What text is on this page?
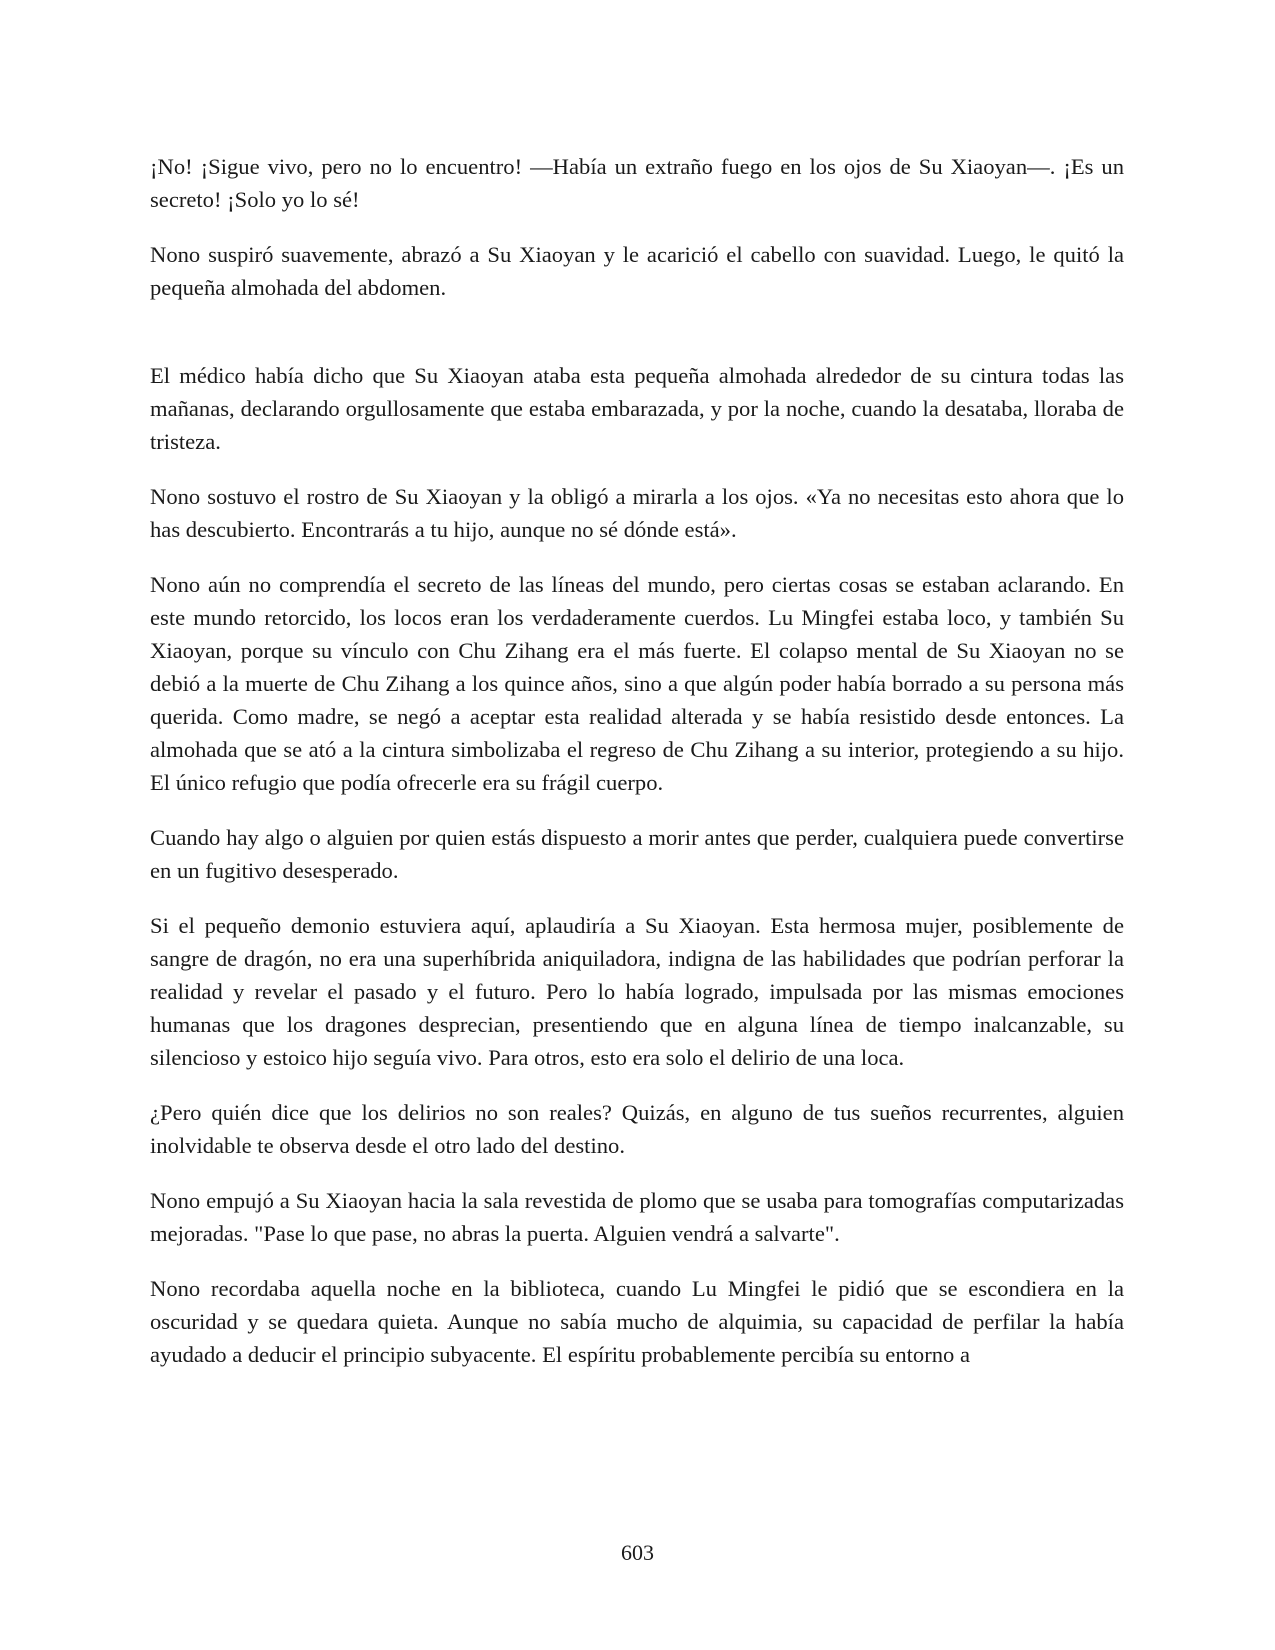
¡No! ¡Sigue vivo, pero no lo encuentro! —Había un extraño fuego en los ojos de Su Xiaoyan—. ¡Es un secreto! ¡Solo yo lo sé!

Nono suspiró suavemente, abrazó a Su Xiaoyan y le acarició el cabello con suavidad. Luego, le quitó la pequeña almohada del abdomen.

El médico había dicho que Su Xiaoyan ataba esta pequeña almohada alrededor de su cintura todas las mañanas, declarando orgullosamente que estaba embarazada, y por la noche, cuando la desataba, lloraba de tristeza.

Nono sostuvo el rostro de Su Xiaoyan y la obligó a mirarla a los ojos. «Ya no necesitas esto ahora que lo has descubierto. Encontrarás a tu hijo, aunque no sé dónde está».

Nono aún no comprendía el secreto de las líneas del mundo, pero ciertas cosas se estaban aclarando. En este mundo retorcido, los locos eran los verdaderamente cuerdos. Lu Mingfei estaba loco, y también Su Xiaoyan, porque su vínculo con Chu Zihang era el más fuerte. El colapso mental de Su Xiaoyan no se debió a la muerte de Chu Zihang a los quince años, sino a que algún poder había borrado a su persona más querida. Como madre, se negó a aceptar esta realidad alterada y se había resistido desde entonces. La almohada que se ató a la cintura simbolizaba el regreso de Chu Zihang a su interior, protegiendo a su hijo. El único refugio que podía ofrecerle era su frágil cuerpo.

Cuando hay algo o alguien por quien estás dispuesto a morir antes que perder, cualquiera puede convertirse en un fugitivo desesperado.

Si el pequeño demonio estuviera aquí, aplaudiría a Su Xiaoyan. Esta hermosa mujer, posiblemente de sangre de dragón, no era una superhíbrida aniquiladora, indigna de las habilidades que podrían perforar la realidad y revelar el pasado y el futuro. Pero lo había logrado, impulsada por las mismas emociones humanas que los dragones desprecian, presentiendo que en alguna línea de tiempo inalcanzable, su silencioso y estoico hijo seguía vivo. Para otros, esto era solo el delirio de una loca.

¿Pero quién dice que los delirios no son reales? Quizás, en alguno de tus sueños recurrentes, alguien inolvidable te observa desde el otro lado del destino.

Nono empujó a Su Xiaoyan hacia la sala revestida de plomo que se usaba para tomografías computarizadas mejoradas. "Pase lo que pase, no abras la puerta. Alguien vendrá a salvarte".

Nono recordaba aquella noche en la biblioteca, cuando Lu Mingfei le pidió que se escondiera en la oscuridad y se quedara quieta. Aunque no sabía mucho de alquimia, su capacidad de perfilar la había ayudado a deducir el principio subyacente. El espíritu probablemente percibía su entorno a

603
